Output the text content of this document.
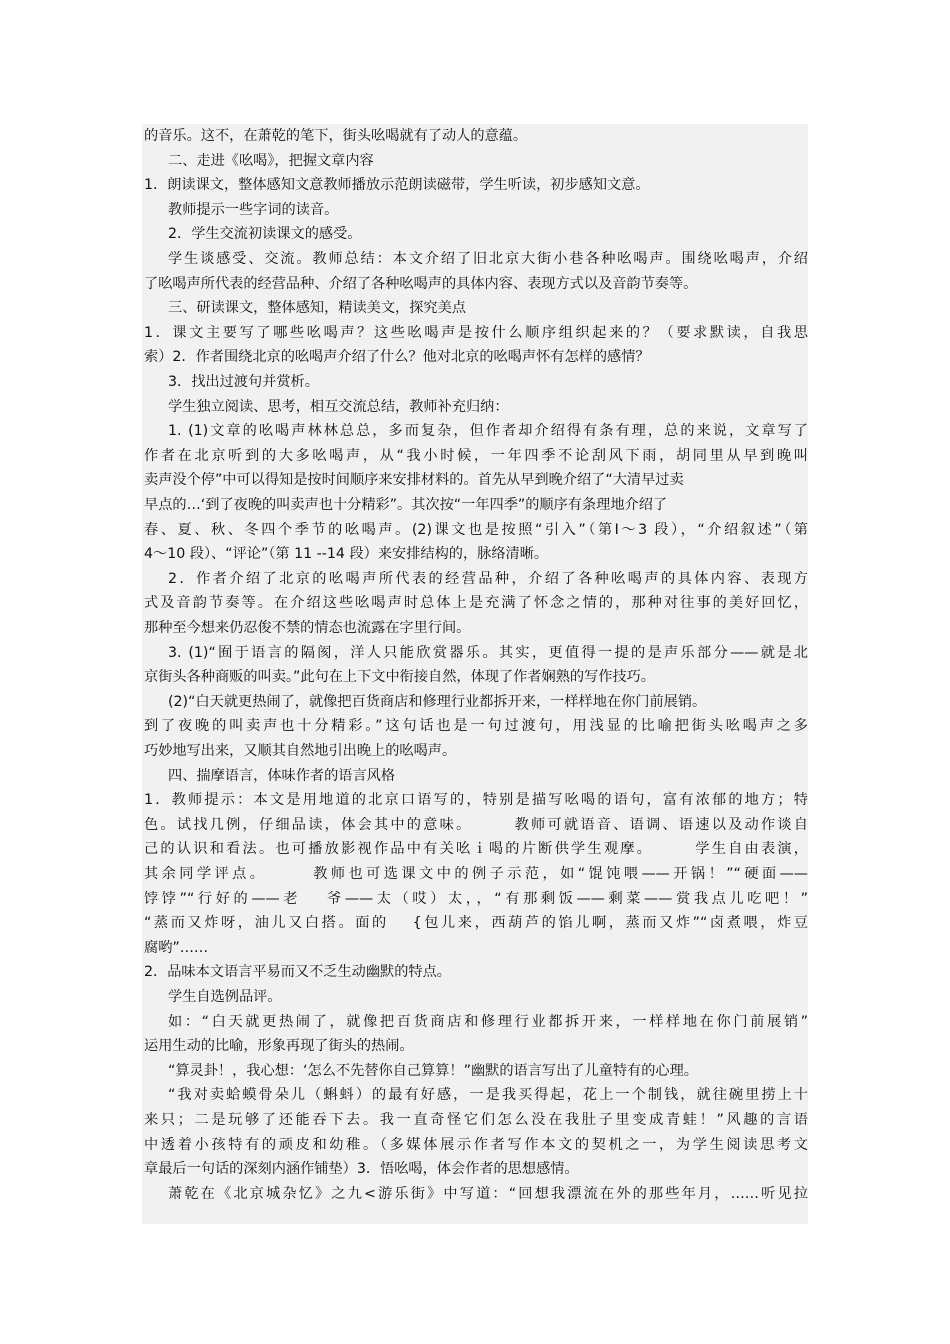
的音乐。这不，在萧乾的笔下，街头吆喝就有了动人的意蕴。
二、走进《吆喝》，把握文章内容
1．朗读课文，整体感知文意教师播放示范朗读磁带，学生听读，初步感知文意。
教师提示一些字词的读音。
2．学生交流初读课文的感受。
学生谈感受、交流。教师总结：本文介绍了旧北京大街小巷各种吆喝声。围绕吆喝声，介绍
了吆喝声所代表的经营品种、介绍了各种吆喝声的具体内容、表现方式以及音韵节奏等。
三、研读课文，整体感知，精读美文，探究美点
1．课文主要写了哪些吆喝声？这些吆喝声是按什么顺序组织起来的？（要求默读，自我思
索）2．作者围绕北京的吆喝声介绍了什么？他对北京的吆喝声怀有怎样的感情？
3．找出过渡句并赏析。
学生独立阅读、思考，相互交流总结，教师补充归纳：
1. (1)文章的吆喝声林林总总，多而复杂，但作者却介绍得有条有理，总的来说，文章写了
作者在北京听到的大多吆喝声，从“我小时候，一年四季不论刮风下雨，胡同里从早到晚叫
卖声没个停”中可以得知是按时间顺序来安排材料的。首先从早到晚介绍了“大清早过卖
早点的…‘到了夜晚的叫卖声也十分精彩”。其次按“一年四季”的顺序有条理地介绍了
春、夏、秋、冬四个季节的吆喝声。(2)课文也是按照“引入”（第Ⅰ～3 段），“介绍叙述”（第
4～10 段）、“评论”（第 11 --14 段）来安排结构的，脉络清晰。
2．作者介绍了北京的吆喝声所代表的经营品种，介绍了各种吆喝声的具体内容、表现方
式及音韵节奏等。在介绍这些吆喝声时总体上是充满了怀念之情的，那种对往事的美好回忆，
那种至今想来仍忍俊不禁的情态也流露在字里行间。
3. (1)“囿于语言的隔阂，洋人只能欣赏器乐。其实，更值得一提的是声乐部分——就是北
京街头各种商贩的叫卖。”此句在上下文中衔接自然，体现了作者娴熟的写作技巧。
(2)“白天就更热闹了，就像把百货商店和修理行业都拆开来，一样样地在你门前展销。
到了夜晚的叫卖声也十分精彩。”这句话也是一句过渡句，用浅显的比喻把街头吆喝声之多
巧妙地写出来，又顺其自然地引出晚上的吆喝声。
四、揣摩语言，体味作者的语言风格
1．教师提示：本文是用地道的北京口语写的，特别是描写吆喝的语句，富有浓郁的地方；特
色。试找几例，仔细品读，体会其中的意味。　　　教师可就语音、语调、语速以及动作谈自
己的认识和看法。也可播放影视作品中有关吆ｉ喝的片断供学生观摩。　　　学生自由表演，
其余同学评点。　　　教师也可选课文中的例子示范，如“馄饨喂——开锅！”“硬面——
饽饽”“行好的——老　 爷——太（哎）太，，“有那剩饭——剩菜——赏我点儿吃吧！”
“蒸而又炸呀，油儿又白搭。面的　 {包儿来，西葫芦的馅儿啊，蒸而又炸”“卤煮喂，炸豆
腐哟”……
2．品味本文语言平易而又不乏生动幽默的特点。
学生自选例品评。
如：“白天就更热闹了，就像把百货商店和修理行业都拆开来，一样样地在你门前展销”
运用生动的比喻，形象再现了街头的热闹。
“算灵卦！，我心想：‘怎么不先替你自己算算！”幽默的语言写出了儿童特有的心理。
“我对卖蛤蟆骨朵儿（蝌蚪）的最有好感，一是我买得起，花上一个制钱，就往碗里捞上十
来只；二是玩够了还能吞下去。我一直奇怪它们怎么没在我肚子里变成青蛙！”风趣的言语
中透着小孩特有的顽皮和幼稚。（多媒体展示作者写作本文的契机之一，为学生阅读思考文
章最后一句话的深刻内涵作铺垫）3．悟吆喝，体会作者的思想感情。
萧乾在《北京城杂忆》之九<游乐街》中写道：“回想我漂流在外的那些年月，……听见拉
